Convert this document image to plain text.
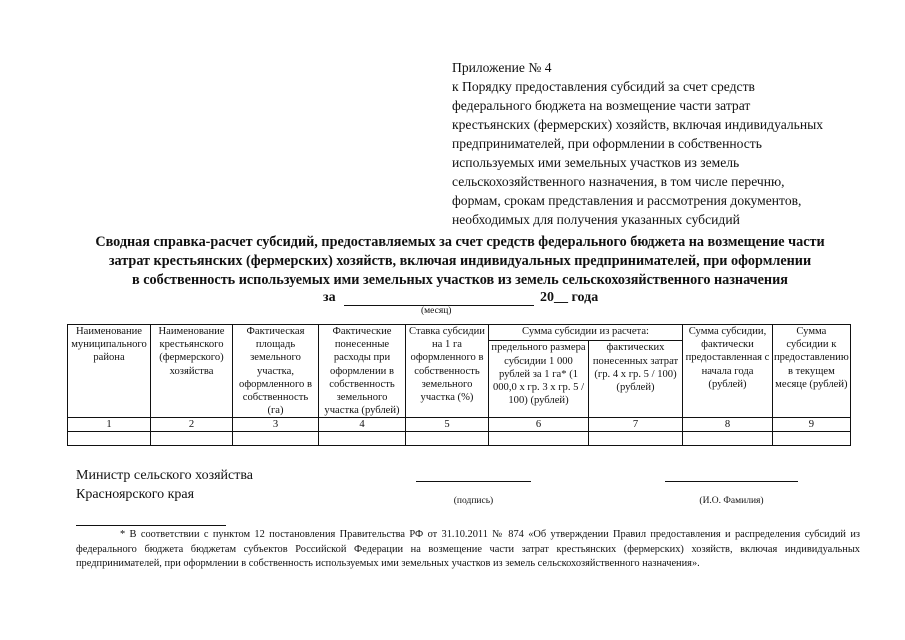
Приложение № 4
к Порядку предоставления субсидий за счет средств
федерального бюджета на возмещение части затрат
крестьянских (фермерских) хозяйств, включая индивидуальных
предпринимателей, при оформлении в собственность
используемых ими земельных участков из земель
сельскохозяйственного назначения, в том числе перечню,
формам, срокам представления и рассмотрения документов,
необходимых для получения указанных субсидий
Сводная справка-расчет субсидий, предоставляемых за счет средств федерального бюджета на возмещение части
затрат крестьянских (фермерских) хозяйств, включая индивидуальных предпринимателей, при оформлении
в собственность используемых ими земельных участков из земель сельскохозяйственного назначения
за	20__ года
(месяц)
Наименование муниципального района	Наименование крестьянского (фермерского) хозяйства	Фактическая площадь земельного участка, оформленного в собственность (га)	Фактические понесенные расходы при оформлении в собственность земельного участка (рублей)	Ставка субсидии на 1 га оформленного в собственность земельного участка (%)	Сумма субсидии из расчета:		Сумма субсидии, фактически предоставленная с начала года (рублей)	Сумма субсидии к предоставлению в текущем месяце (рублей)
					предельного размера субсидии 1 000 рублей за 1 га* (1 000,0 х гр. 3 х гр. 5 / 100) (рублей)	фактических понесенных затрат (гр. 4 х гр. 5 / 100) (рублей)		
1	2	3	4	5	6	7	8	9

Министр сельского хозяйства
Красноярского края	(подпись)	(И.О. Фамилия)
* В соответствии с пунктом 12 постановления Правительства РФ от 31.10.2011 № 874 «Об утверждении Правил предоставления и распределения субсидий из федерального бюджета бюджетам субъектов Российской Федерации на возмещение части затрат крестьянских (фермерских) хозяйств, включая индивидуальных предпринимателей, при оформлении в собственность используемых ими земельных участков из земель сельскохозяйственного назначения».
